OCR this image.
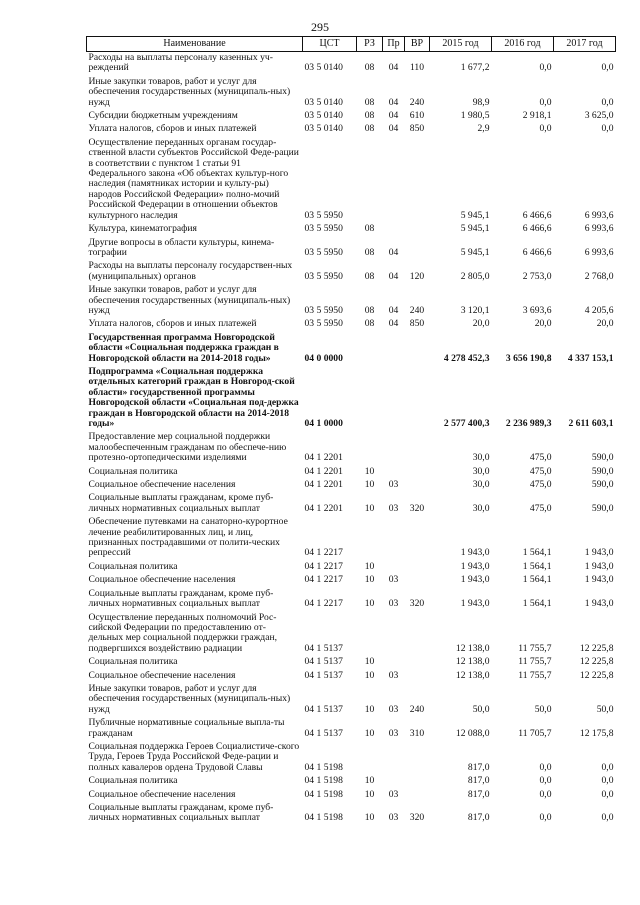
295
Наименование	ЦСТ	РЗ	Пр	ВР	2015 год	2016 год	2017 год
Расходы на выплаты персоналу казенных уч-реждений	03 5 0140	08	04	110	1 677,2	0,0	0,0
Иные закупки товаров, работ и услуг для обеспечения государственных (муниципаль-ных) нужд	03 5 0140	08	04	240	98,9	0,0	0,0
Субсидии бюджетным учреждениям	03 5 0140	08	04	610	1 980,5	2 918,1	3 625,0
Уплата налогов, сборов и иных платежей	03 5 0140	08	04	850	2,9	0,0	0,0
Осуществление переданных органам государ-ственной власти субъектов Российской Феде-рации в соответствии с пунктом 1 статьи 91 Федерального закона «Об объектах культур-ного наследия (памятниках истории и культу-ры) народов Российской Федерации» полно-мочий Российской Федерации в отношении объектов культурного наследия	03 5 5950				5 945,1	6 466,6	6 993,6
Культура, кинематография	03 5 5950	08			5 945,1	6 466,6	6 993,6
Другие вопросы в области культуры, кинема-тографии	03 5 5950	08	04		5 945,1	6 466,6	6 993,6
Расходы на выплаты персоналу государствен-ных (муниципальных) органов	03 5 5950	08	04	120	2 805,0	2 753,0	2 768,0
Иные закупки товаров, работ и услуг для обеспечения государственных (муниципаль-ных) нужд	03 5 5950	08	04	240	3 120,1	3 693,6	4 205,6
Уплата налогов, сборов и иных платежей	03 5 5950	08	04	850	20,0	20,0	20,0
Государственная программа Новгородской области «Социальная поддержка граждан в Новгородской области на 2014-2018 годы»	04 0 0000				4 278 452,3	3 656 190,8	4 337 153,1
Подпрограмма «Социальная поддержка отдельных категорий граждан в Новгород-ской области» государственной программы Новгородской области «Социальная под-держка граждан в Новгородской области на 2014-2018 годы»	04 1 0000				2 577 400,3	2 236 989,3	2 611 603,1
Предоставление мер социальной поддержки малообеспеченным гражданам по обеспече-нию протезно-ортопедическими изделиями	04 1 2201				30,0	475,0	590,0
Социальная политика	04 1 2201	10			30,0	475,0	590,0
Социальное обеспечение населения	04 1 2201	10	03		30,0	475,0	590,0
Социальные выплаты гражданам, кроме пуб-личных нормативных социальных выплат	04 1 2201	10	03	320	30,0	475,0	590,0
Обеспечение путевками на санаторно-курортное лечение реабилитированных лиц, и лиц, признанных пострадавшими от полити-ческих репрессий	04 1 2217				1 943,0	1 564,1	1 943,0
Социальная политика	04 1 2217	10			1 943,0	1 564,1	1 943,0
Социальное обеспечение населения	04 1 2217	10	03		1 943,0	1 564,1	1 943,0
Социальные выплаты гражданам, кроме пуб-личных нормативных социальных выплат	04 1 2217	10	03	320	1 943,0	1 564,1	1 943,0
Осуществление переданных полномочий Рос-сийской Федерации по предоставлению от-дельных мер социальной поддержки граждан, подвергшихся воздействию радиации	04 1 5137				12 138,0	11 755,7	12 225,8
Социальная политика	04 1 5137	10			12 138,0	11 755,7	12 225,8
Социальное обеспечение населения	04 1 5137	10	03		12 138,0	11 755,7	12 225,8
Иные закупки товаров, работ и услуг для обеспечения государственных (муниципаль-ных) нужд	04 1 5137	10	03	240	50,0	50,0	50,0
Публичные нормативные социальные выпла-ты гражданам	04 1 5137	10	03	310	12 088,0	11 705,7	12 175,8
Социальная поддержка Героев Социалистиче-ского Труда, Героев Труда Российской Феде-рации и полных кавалеров ордена Трудовой Славы	04 1 5198				817,0	0,0	0,0
Социальная политика	04 1 5198	10			817,0	0,0	0,0
Социальное обеспечение населения	04 1 5198	10	03		817,0	0,0	0,0
Социальные выплаты гражданам, кроме пуб-личных нормативных социальных выплат	04 1 5198	10	03	320	817,0	0,0	0,0
